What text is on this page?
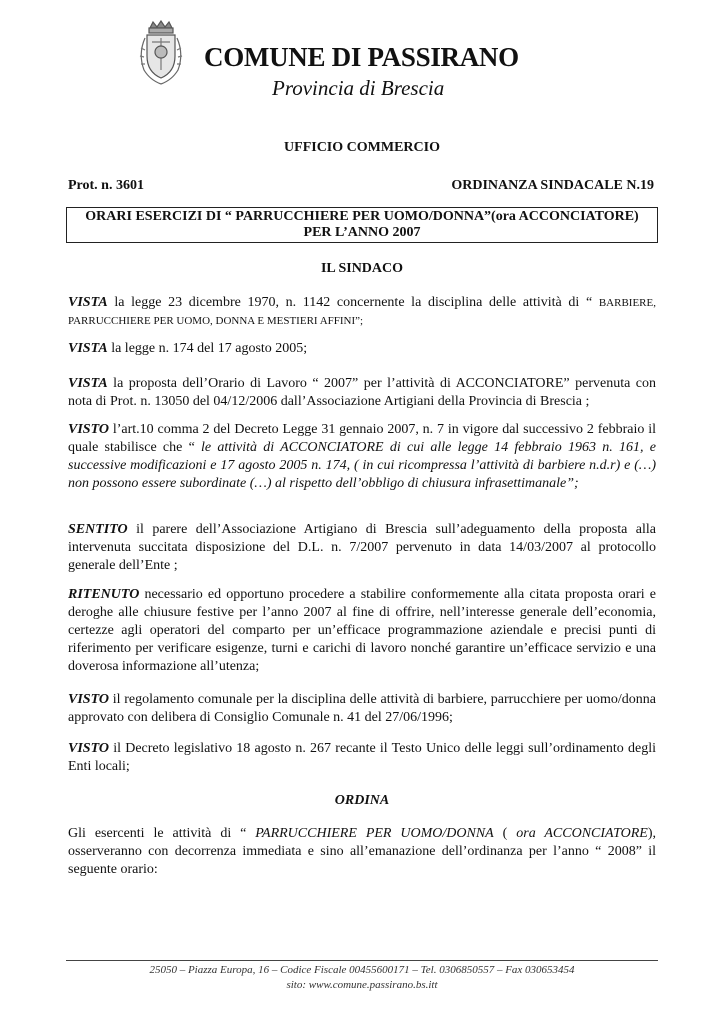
COMUNE DI PASSIRANO
Provincia di Brescia
UFFICIO COMMERCIO
Prot. n. 3601	ORDINANZA SINDACALE N.19
ORARI ESERCIZI DI “ PARRUCCHIERE PER UOMO/DONNA”(ora ACCONCIATORE)
PER L’ANNO 2007
IL SINDACO
VISTA la legge 23 dicembre 1970, n. 1142 concernente la disciplina delle attività di “ BARBIERE, PARRUCCHIERE PER UOMO, DONNA E MESTIERI AFFINI”;
VISTA la legge n. 174 del 17 agosto 2005;
VISTA la proposta dell’Orario di Lavoro “ 2007” per l’attività di ACCONCIATORE” pervenuta con nota di Prot. n. 13050 del 04/12/2006 dall’Associazione Artigiani della Provincia di Brescia ;
VISTO l’art.10 comma 2 del Decreto Legge 31 gennaio 2007, n. 7 in vigore dal successivo 2 febbraio il quale stabilisce che “ le attività di ACCONCIATORE di cui alle legge 14 febbraio 1963 n. 161, e successive modificazioni e 17 agosto 2005 n. 174, ( in cui ricompressa l’attività di barbiere n.d.r) e (…) non possono essere subordinate (…) al rispetto dell’obbligo di chiusura infrasettimanale”;
SENTITO il parere dell’Associazione Artigiano di Brescia sull’adeguamento della proposta alla intervenuta succitata disposizione del D.L. n. 7/2007 pervenuto in data 14/03/2007 al protocollo generale dell’Ente ;
RITENUTO necessario ed opportuno procedere a stabilire conformemente alla citata proposta orari e deroghe alle chiusure festive per l’anno 2007 al fine di offrire, nell’interesse generale dell’economia, certezze agli operatori del comparto per un’efficace programmazione aziendale e precisi punti di riferimento per verificare esigenze, turni e carichi di lavoro nonché garantire un’efficace servizio e una doverosa informazione all’utenza;
VISTO il regolamento comunale per la disciplina delle attività di barbiere, parrucchiere per uomo/donna approvato con delibera di Consiglio Comunale n. 41 del 27/06/1996;
VISTO il Decreto legislativo 18 agosto n. 267 recante il Testo Unico delle leggi sull’ordinamento degli Enti locali;
ORDINA
Gli esercenti le attività di “ PARRUCCHIERE PER UOMO/DONNA ( ora ACCONCIATORE), osserveranno con decorrenza immediata e sino all’emanazione dell’ordinanza per l’anno “ 2008” il seguente orario:
25050 – Piazza Europa, 16 – Codice Fiscale 00455600171 – Tel. 0306850557 – Fax 030653454
sito: www.comune.passirano.bs.itt
